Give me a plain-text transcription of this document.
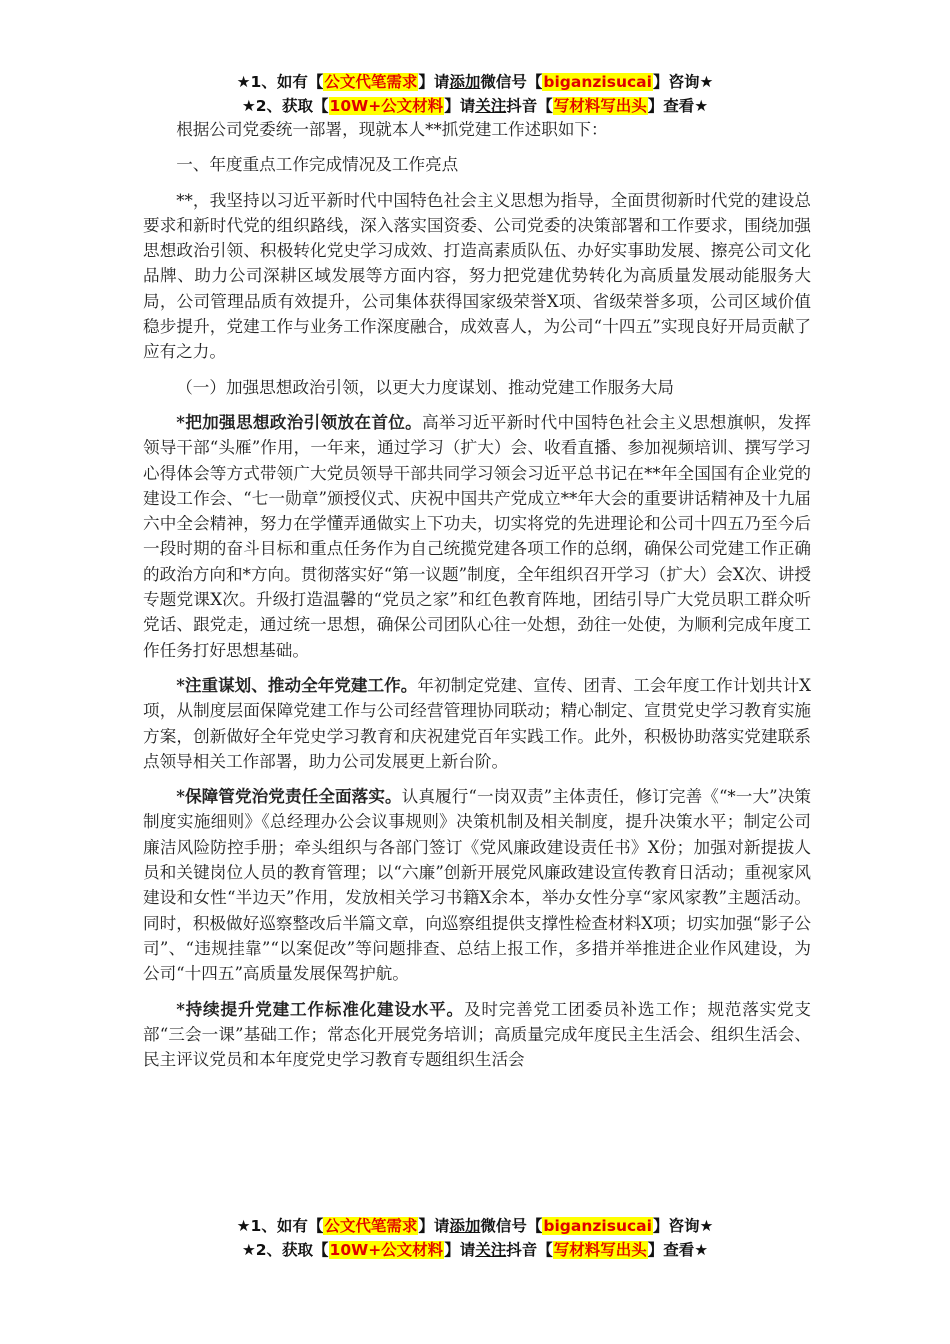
★1、如有【公文代笔需求】请添加微信号【biganzisucai】咨询★
★2、获取【10W+公文材料】请关注抖音【写材料写出头】查看★

根据公司党委统一部署，现就本人**抓党建工作述职如下：

一、年度重点工作完成情况及工作亮点

**，我坚持以习近平新时代中国特色社会主义思想为指导，全面贯彻新时代党的建设总要求和新时代党的组织路线，深入落实国资委、公司党委的决策部署和工作要求，围绕加强思想政治引领、积极转化党史学习成效、打造高素质队伍、办好实事助发展、擦亮公司文化品牌、助力公司深耕区域发展等方面内容，努力把党建优势转化为高质量发展动能服务大局，公司管理品质有效提升，公司集体获得国家级荣誉X项、省级荣誉多项，公司区域价值稳步提升，党建工作与业务工作深度融合，成效喜人，为公司“十四五”实现良好开局贡献了应有之力。

（一）加强思想政治引领，以更大力度谋划、推动党建工作服务大局

*把加强思想政治引领放在首位。高举习近平新时代中国特色社会主义思想旗帜，发挥领导干部“头雁”作用，一年来，通过学习（扩大）会、收看直播、参加视频培训、撰写学习心得体会等方式带领广大党员领导干部共同学习领会习近平总书记在**年全国国有企业党的建设工作会、“七一勋章”颁授仪式、庆祝中国共产党成立**年大会的重要讲话精神及十九届六中全会精神，努力在学懂弄通做实上下功夫，切实将党的先进理论和公司十四五乃至今后一段时期的奋斗目标和重点任务作为自己统揽党建各项工作的总纲，确保公司党建工作正确的政治方向和*方向。贯彻落实好“第一议题”制度，全年组织召开学习（扩大）会X次、讲授专题党课X次。升级打造温馨的“党员之家”和红色教育阵地，团结引导广大党员职工群众听党话、跟党走，通过统一思想，确保公司团队心往一处想，劲往一处使，为顺利完成年度工作任务打好思想基础。

*注重谋划、推动全年党建工作。年初制定党建、宣传、团青、工会年度工作计划共计X项，从制度层面保障党建工作与公司经营管理协同联动；精心制定、宣贯党史学习教育实施方案，创新做好全年党史学习教育和庆祝建党百年实践工作。此外，积极协助落实党建联系点领导相关工作部署，助力公司发展更上新台阶。

*保障管党治党责任全面落实。认真履行“一岗双责”主体责任，修订完善《“*一大”决策制度实施细则》《总经理办公会议事规则》决策机制及相关制度，提升决策水平；制定公司廉洁风险防控手册；牵头组织与各部门签订《党风廉政建设责任书》X份；加强对新提拔人员和关键岗位人员的教育管理；以“六廉”创新开展党风廉政建设宣传教育日活动；重视家风建设和女性“半边天”作用，发放相关学习书籍X余本，举办女性分享“家风家教”主题活动。同时，积极做好巡察整改后半篇文章，向巡察组提供支撑性检查材料X项；切实加强“影子公司”、“违规挂靠”“以案促改”等问题排查、总结上报工作，多措并举推进企业作风建设，为公司“十四五”高质量发展保驾护航。

*持续提升党建工作标准化建设水平。及时完善党工团委员补选工作；规范落实党支部“三会一课”基础工作；常态化开展党务培训；高质量完成年度民主生活会、组织生活会、民主评议党员和本年度党史学习教育专题组织生活会

★1、如有【公文代笔需求】请添加微信号【biganzisucai】咨询★
★2、获取【10W+公文材料】请关注抖音【写材料写出头】查看★
